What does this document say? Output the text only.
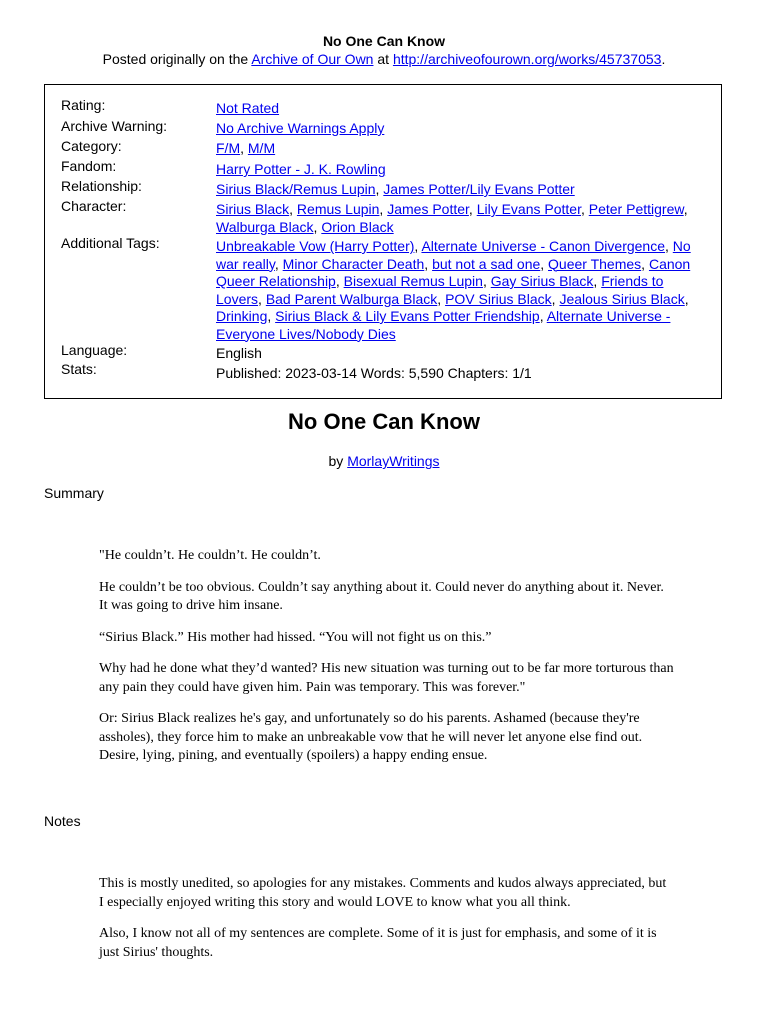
No One Can Know
Posted originally on the Archive of Our Own at http://archiveofourown.org/works/45737053.
Rating:	Not Rated
Archive Warning:	No Archive Warnings Apply
Category:	F/M, M/M
Fandom:	Harry Potter - J. K. Rowling
Relationship:	Sirius Black/Remus Lupin, James Potter/Lily Evans Potter
Character:	Sirius Black, Remus Lupin, James Potter, Lily Evans Potter, Peter Pettigrew, Walburga Black, Orion Black
Additional Tags:	Unbreakable Vow (Harry Potter), Alternate Universe - Canon Divergence, No war really, Minor Character Death, but not a sad one, Queer Themes, Canon Queer Relationship, Bisexual Remus Lupin, Gay Sirius Black, Friends to Lovers, Bad Parent Walburga Black, POV Sirius Black, Jealous Sirius Black, Drinking, Sirius Black & Lily Evans Potter Friendship, Alternate Universe - Everyone Lives/Nobody Dies
Language:	English
Stats:	Published: 2023-03-14 Words: 5,590 Chapters: 1/1
No One Can Know
by MorlayWritings
Summary

"He couldn’t. He couldn’t. He couldn’t.

He couldn’t be too obvious. Couldn’t say anything about it. Could never do anything about it. Never. It was going to drive him insane.

“Sirius Black.” His mother had hissed. “You will not fight us on this.”

Why had he done what they’d wanted? His new situation was turning out to be far more torturous than any pain they could have given him. Pain was temporary. This was forever."

Or: Sirius Black realizes he's gay, and unfortunately so do his parents. Ashamed (because they're assholes), they force him to make an unbreakable vow that he will never let anyone else find out. Desire, lying, pining, and eventually (spoilers) a happy ending ensue.

Notes

This is mostly unedited, so apologies for any mistakes. Comments and kudos always appreciated, but I especially enjoyed writing this story and would LOVE to know what you all think.

Also, I know not all of my sentences are complete. Some of it is just for emphasis, and some of it is just Sirius' thoughts.
